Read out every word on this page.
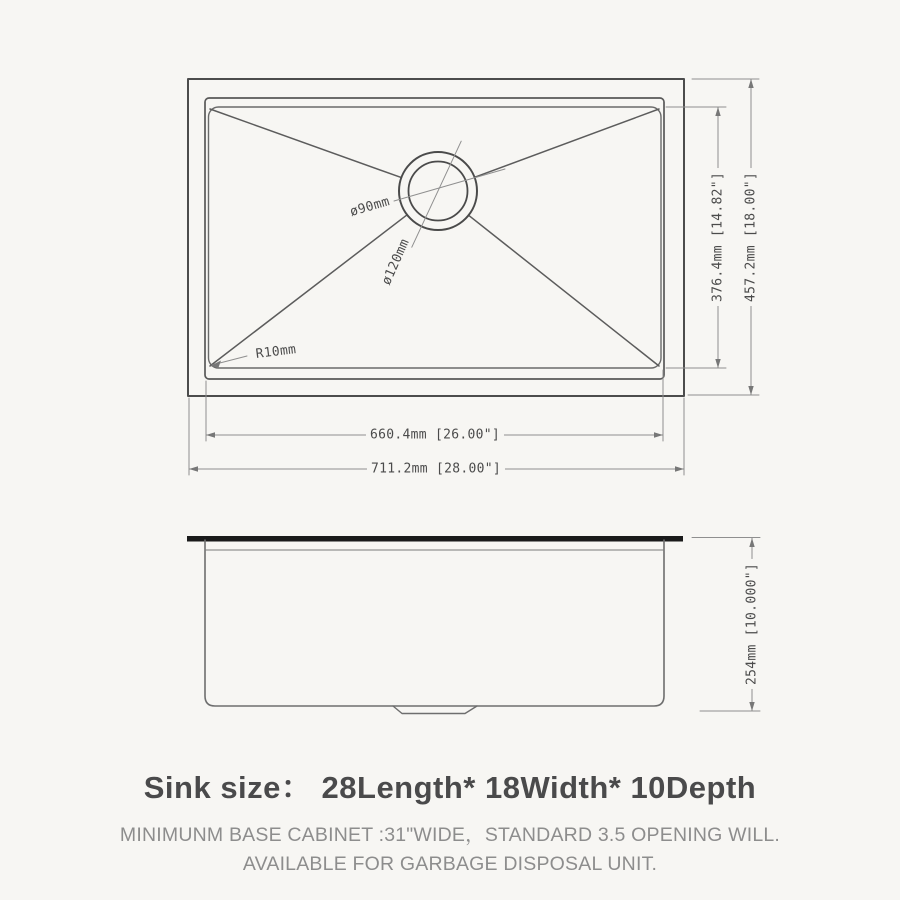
ø90mm
ø120mm
R10mm
376.4mm [14.82"] 457.2mm [18.00"]
660.4mm [26.00"]
711.2mm [28.00"]
254mm [10.000"]
Sink size： 28Length* 18Width* 10Depth

MINIMUNM BASE CABINET :31"WIDE，STANDARD 3.5 OPENING WILL.

AVAILABLE FOR GARBAGE DISPOSAL UNIT.
